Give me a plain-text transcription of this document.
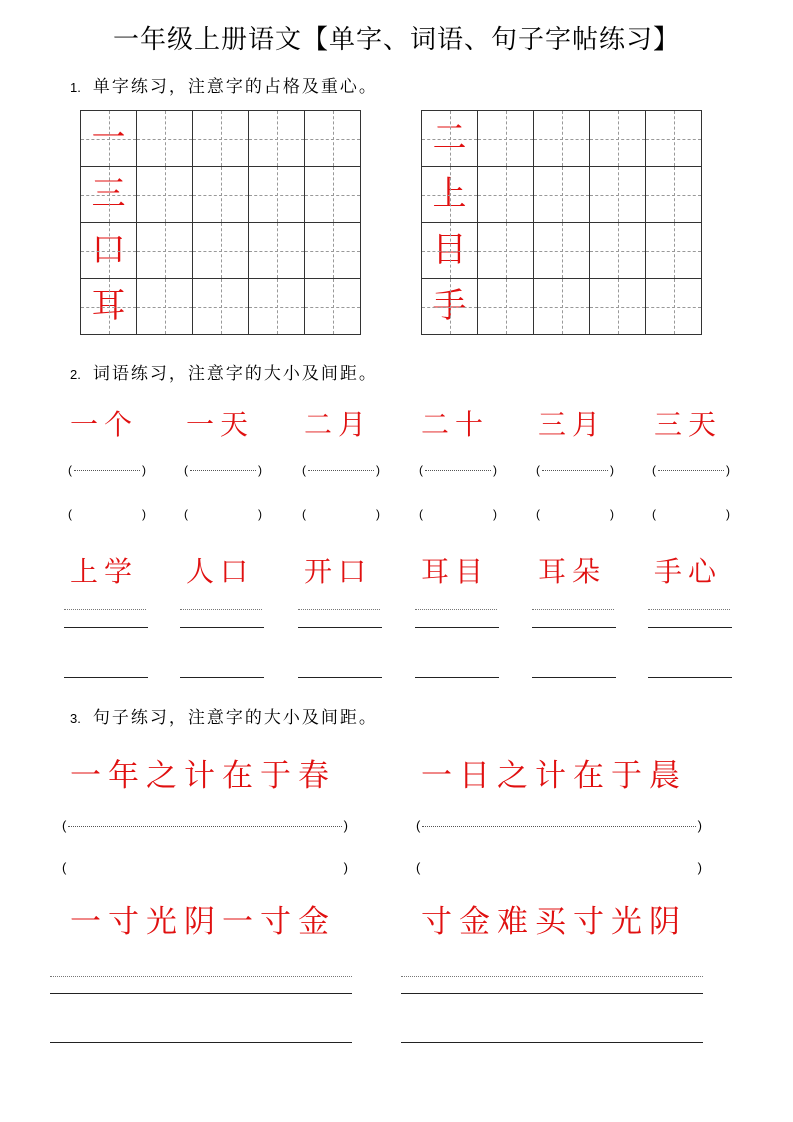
一年级上册语文【单字、词语、句子字帖练习】
1. 单字练习，注意字的占格及重心。
一				
三				
口				
耳				
二				
上				
目				
手				
2. 词语练习，注意字的大小及间距。
一个
(	)
(	)
一天
(	)
(	)
二月
(	)
(	)
二十
(	)
(	)
三月
(	)
(	)
三天
(	)
(	)
上学 人口 开口 耳目 耳朵 手心
3. 句子练习，注意字的大小及间距。
一年之计在于春	一日之计在于晨
(	)	(	)
(	)	(	)
一寸光阴一寸金	寸金难买寸光阴
